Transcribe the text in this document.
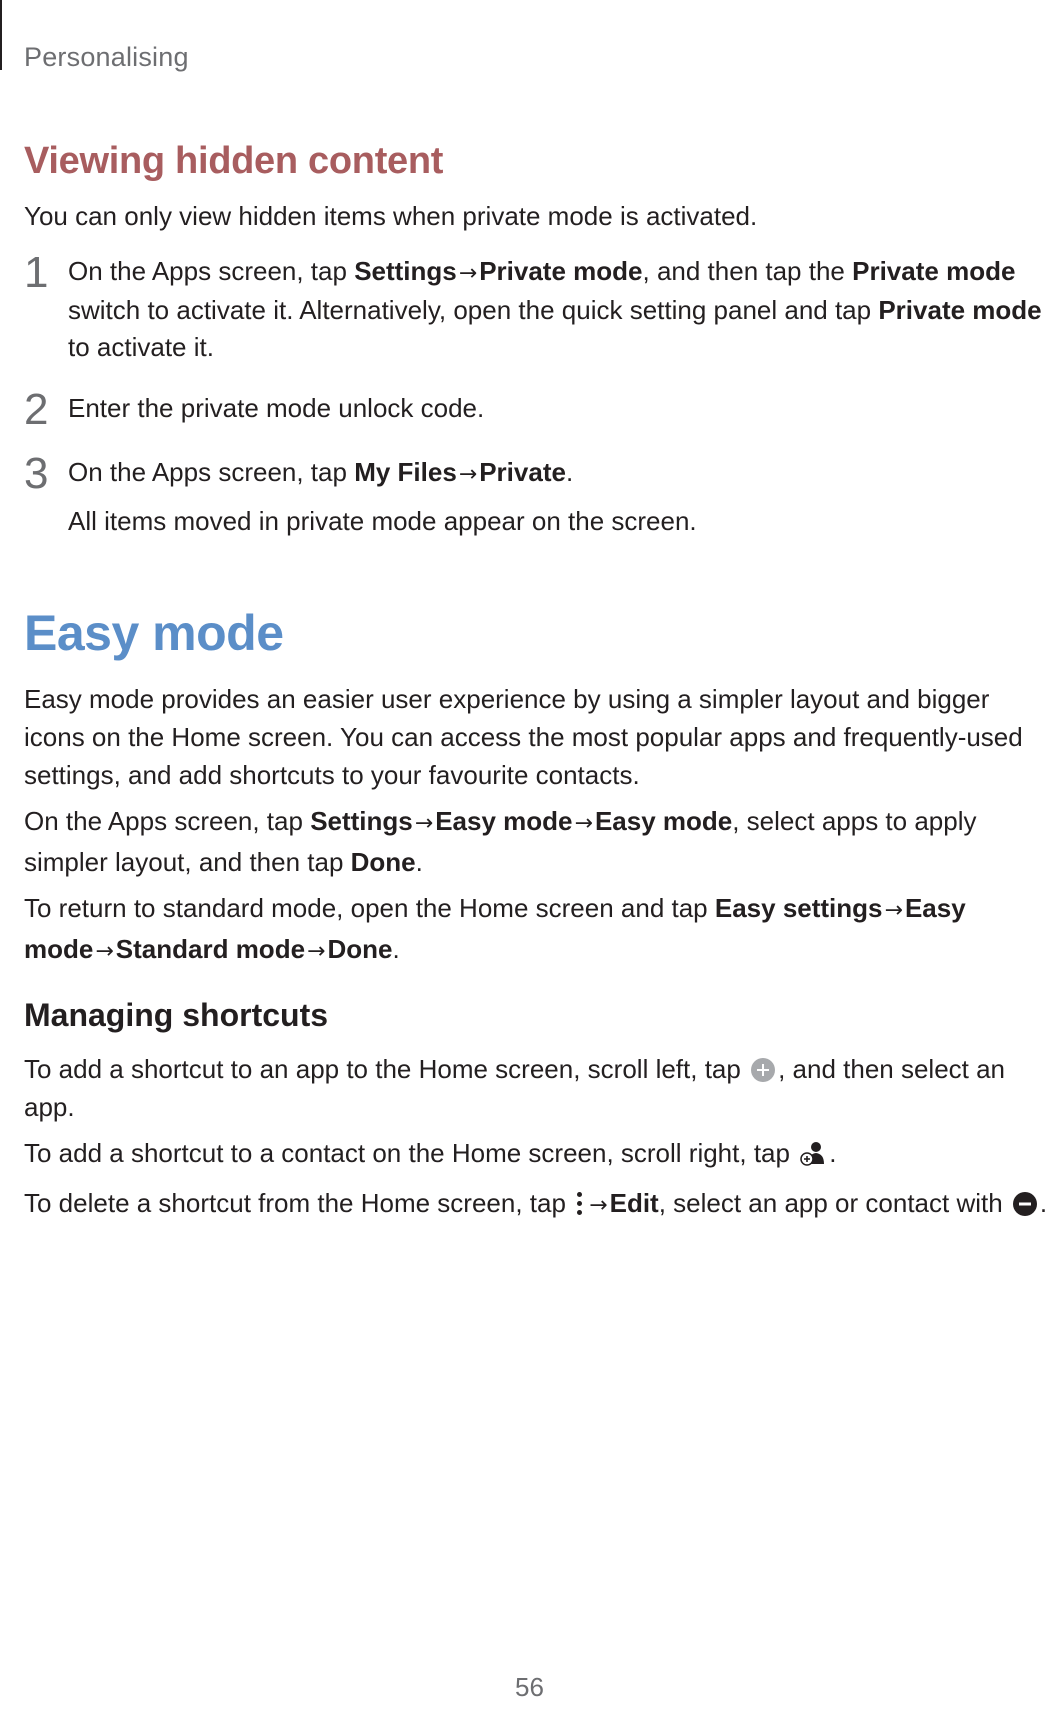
Personalising
Viewing hidden content
You can only view hidden items when private mode is activated.
1 On the Apps screen, tap Settings→Private mode, and then tap the Private mode switch to activate it. Alternatively, open the quick setting panel and tap Private mode to activate it.
2 Enter the private mode unlock code.
3 On the Apps screen, tap My Files→Private.
All items moved in private mode appear on the screen.
Easy mode
Easy mode provides an easier user experience by using a simpler layout and bigger icons on the Home screen. You can access the most popular apps and frequently-used settings, and add shortcuts to your favourite contacts.
On the Apps screen, tap Settings→Easy mode→Easy mode, select apps to apply simpler layout, and then tap Done.
To return to standard mode, open the Home screen and tap Easy settings→Easy mode→Standard mode→Done.
Managing shortcuts
To add a shortcut to an app to the Home screen, scroll left, tap , and then select an app.
To add a shortcut to a contact on the Home screen, scroll right, tap .
To delete a shortcut from the Home screen, tap
→Edit, select an app or contact with .
56
